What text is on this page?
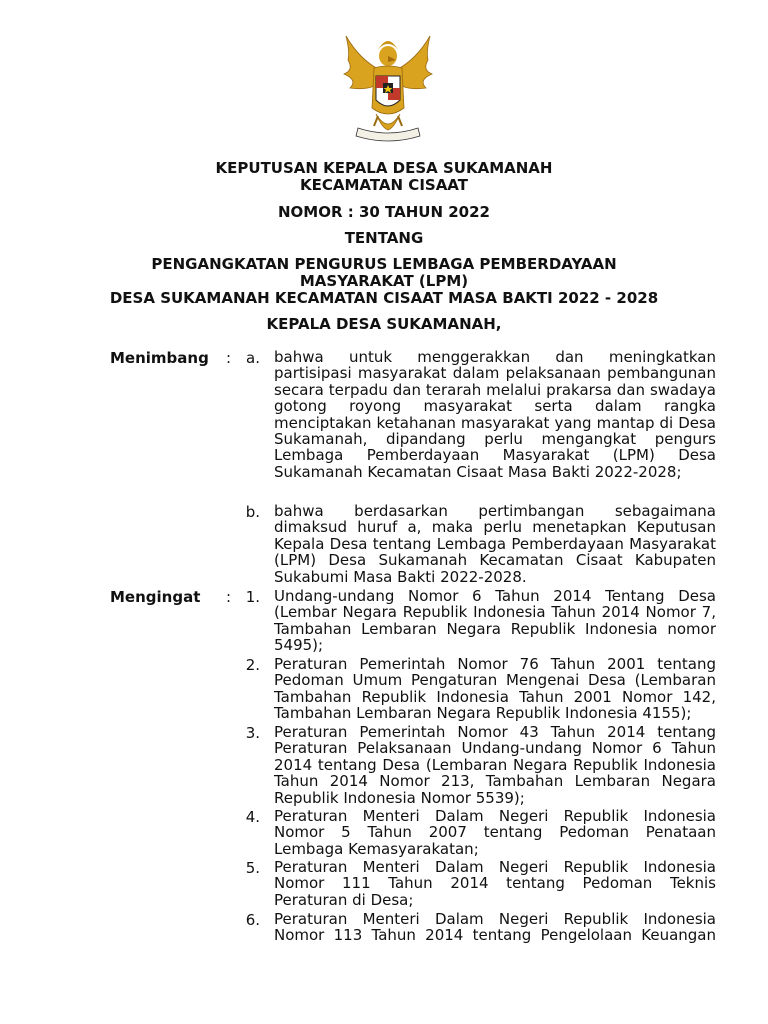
KEPUTUSAN KEPALA DESA SUKAMANAH
KECAMATAN CISAAT
NOMOR : 30 TAHUN 2022
TENTANG
PENGANGKATAN PENGURUS LEMBAGA PEMBERDAYAAN
MASYARAKAT (LPM)
DESA SUKAMANAH KECAMATAN CISAAT MASA BAKTI 2022 - 2028
KEPALA DESA SUKAMANAH,
Menimbang : a. bahwa untuk menggerakkan dan meningkatkan partisipasi masyarakat dalam pelaksanaan pembangunan secara terpadu dan terarah melalui prakarsa dan swadaya gotong royong masyarakat serta dalam rangka menciptakan ketahanan masyarakat yang mantap di Desa Sukamanah, dipandang perlu mengangkat pengurs Lembaga Pemberdayaan Masyarakat (LPM) Desa Sukamanah Kecamatan Cisaat Masa Bakti 2022-2028;
b. bahwa berdasarkan pertimbangan sebagaimana dimaksud huruf a, maka perlu menetapkan Keputusan Kepala Desa tentang Lembaga Pemberdayaan Masyarakat (LPM) Desa Sukamanah Kecamatan Cisaat Kabupaten Sukabumi Masa Bakti 2022-2028.
Mengingat : 1. Undang-undang Nomor 6 Tahun 2014 Tentang Desa (Lembar Negara Republik Indonesia Tahun 2014 Nomor 7, Tambahan Lembaran Negara Republik Indonesia nomor 5495);
2. Peraturan Pemerintah Nomor 76 Tahun 2001 tentang Pedoman Umum Pengaturan Mengenai Desa (Lembaran Tambahan Republik Indonesia Tahun 2001 Nomor 142, Tambahan Lembaran Negara Republik Indonesia 4155);
3. Peraturan Pemerintah Nomor 43 Tahun 2014 tentang Peraturan Pelaksanaan Undang-undang Nomor 6 Tahun 2014 tentang Desa (Lembaran Negara Republik Indonesia Tahun 2014 Nomor 213, Tambahan Lembaran Negara Republik Indonesia Nomor 5539);
4. Peraturan Menteri Dalam Negeri Republik Indonesia Nomor 5 Tahun 2007 tentang Pedoman Penataan Lembaga Kemasyarakatan;
5. Peraturan Menteri Dalam Negeri Republik Indonesia Nomor 111 Tahun 2014 tentang Pedoman Teknis Peraturan di Desa;
6. Peraturan Menteri Dalam Negeri Republik Indonesia Nomor 113 Tahun 2014 tentang Pengelolaan Keuangan
